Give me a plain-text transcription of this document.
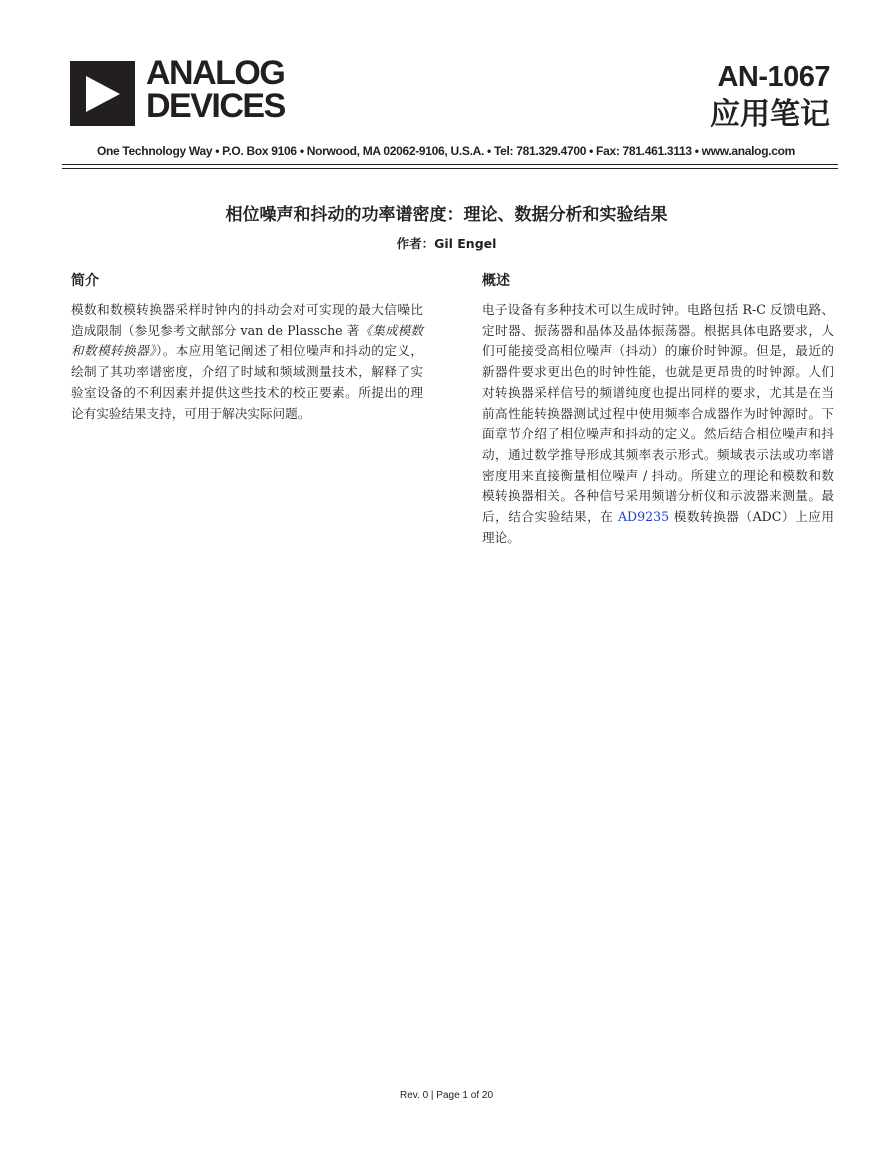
ANALOG
DEVICES
AN-1067
应用笔记
One Technology Way • P.O. Box 9106 • Norwood, MA 02062-9106, U.S.A. • Tel: 781.329.4700 • Fax: 781.461.3113 • www.analog.com
相位噪声和抖动的功率谱密度：理论、数据分析和实验结果
作者：Gil Engel
简介

模数和数模转换器采样时钟内的抖动会对可实现的最大信噪比造成限制（参见参考文献部分 van de Plassche 著《集成模数和数模转换器》）。本应用笔记阐述了相位噪声和抖动的定义，绘制了其功率谱密度，介绍了时域和频域测量技术，解释了实验室设备的不利因素并提供这些技术的校正要素。所提出的理论有实验结果支持，可用于解决实际问题。

概述

电子设备有多种技术可以生成时钟。电路包括 R-C 反馈电路、定时器、振荡器和晶体及晶体振荡器。根据具体电路要求，人们可能接受高相位噪声（抖动）的廉价时钟源。但是，最近的新器件要求更出色的时钟性能，也就是更昂贵的时钟源。人们对转换器采样信号的频谱纯度也提出同样的要求，尤其是在当前高性能转换器测试过程中使用频率合成器作为时钟源时。下面章节介绍了相位噪声和抖动的定义。然后结合相位噪声和抖动，通过数学推导形成其频率表示形式。频域表示法或功率谱密度用来直接衡量相位噪声 / 抖动。所建立的理论和模数和数模转换器相关。各种信号采用频谱分析仪和示波器来测量。最后，结合实验结果，在 AD9235 模数转换器（ADC）上应用理论。

Rev. 0 | Page 1 of 20
